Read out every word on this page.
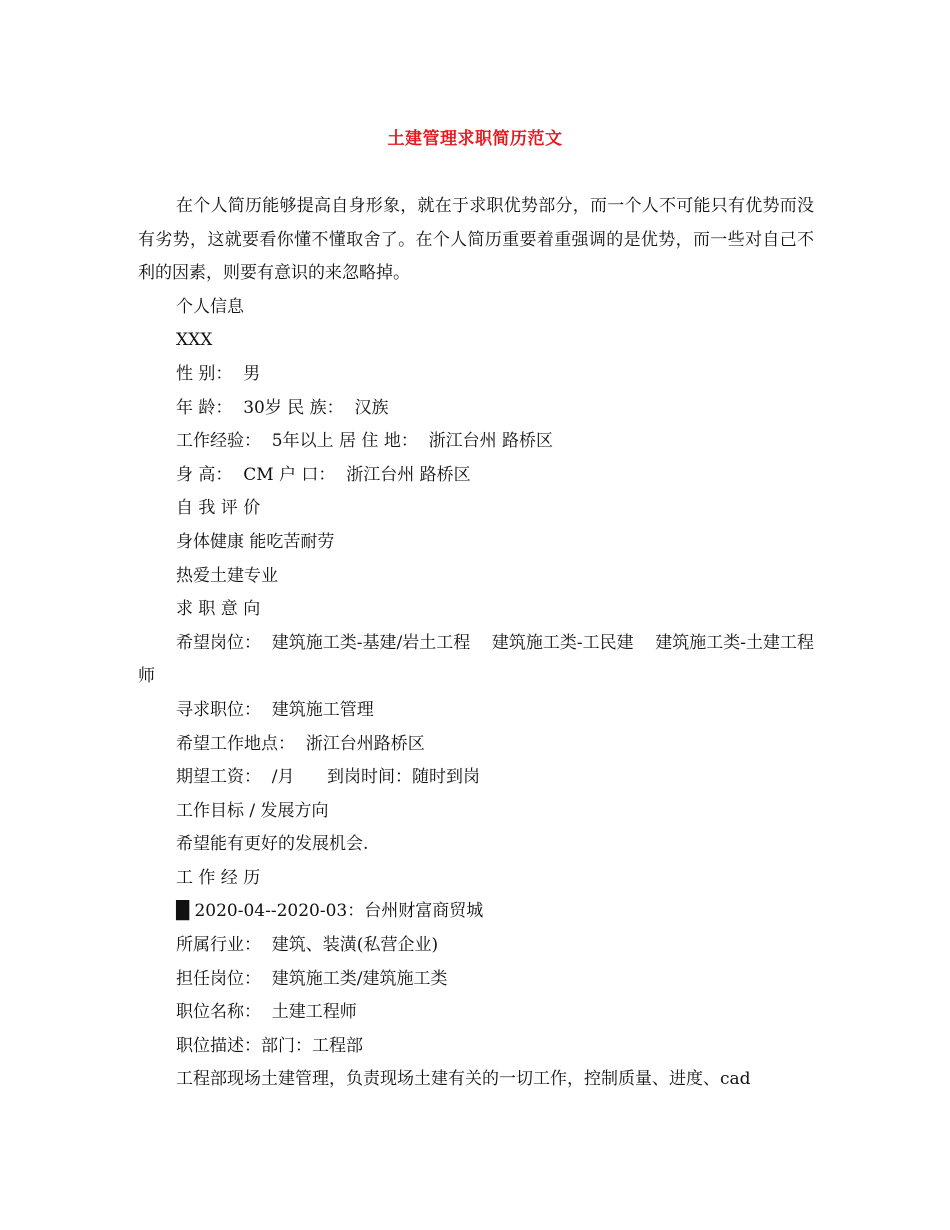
土建管理求职简历范文

在个人简历能够提高自身形象，就在于求职优势部分，而一个人不可能只有优势而没有劣势，这就要看你懂不懂取舍了。在个人简历重要着重强调的是优势，而一些对自己不利的因素，则要有意识的来忽略掉。

个人信息

XXX

性 别：  男

年 龄：  30岁 民 族：  汉族

工作经验：  5年以上 居 住 地：  浙江台州 路桥区

身 高：  CM 户 口：  浙江台州 路桥区

自 我 评 价

身体健康 能吃苦耐劳

热爱土建专业

求 职 意 向

希望岗位：  建筑施工类-基建/岩土工程    建筑施工类-工民建    建筑施工类-土建工程师

寻求职位：  建筑施工管理

希望工作地点：  浙江台州路桥区

期望工资：  /月      到岗时间：随时到岗

工作目标 / 发展方向

希望能有更好的发展机会.

工 作 经 历

█ 2020-04--2020-03：台州财富商贸城

所属行业：  建筑、装潢(私营企业)

担任岗位：  建筑施工类/建筑施工类

职位名称：  土建工程师

职位描述：部门：工程部

工程部现场土建管理，负责现场土建有关的一切工作，控制质量、进度、cad
